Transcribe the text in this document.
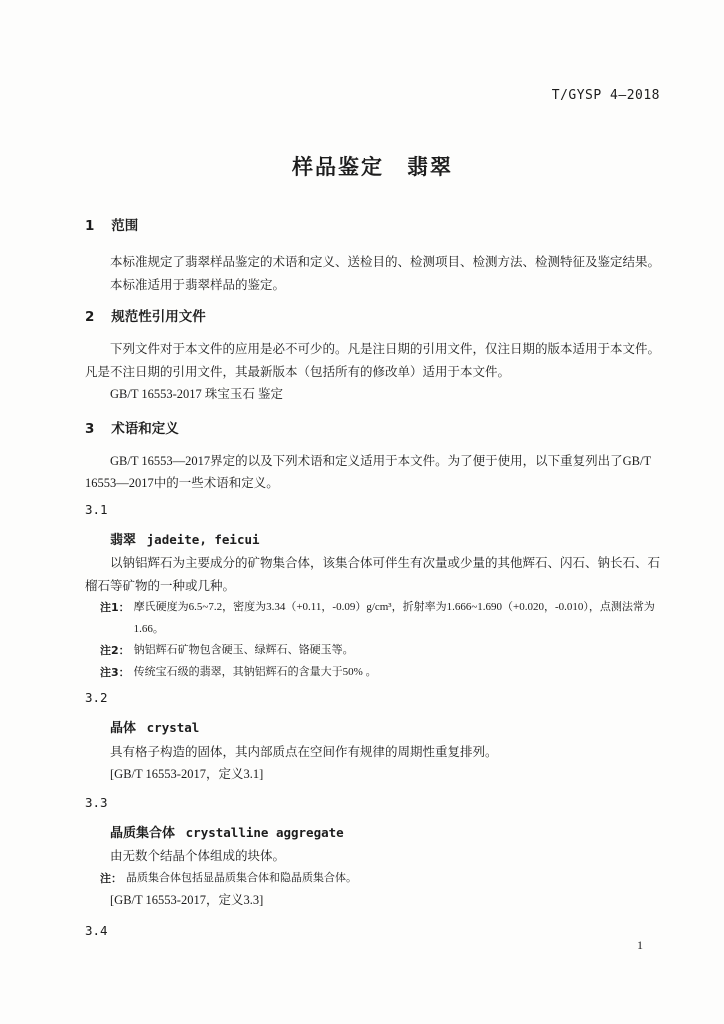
T/GYSP 4—2018
样品鉴定　翡翠
1 范围

本标准规定了翡翠样品鉴定的术语和定义、送检目的、检测项目、检测方法、检测特征及鉴定结果。

本标准适用于翡翠样品的鉴定。

2 规范性引用文件

下列文件对于本文件的应用是必不可少的。凡是注日期的引用文件，仅注日期的版本适用于本文件。凡是不注日期的引用文件，其最新版本（包括所有的修改单）适用于本文件。

GB/T 16553-2017 珠宝玉石 鉴定

3 术语和定义

GB/T 16553—2017界定的以及下列术语和定义适用于本文件。为了便于使用，以下重复列出了GB/T 16553—2017中的一些术语和定义。

3.1
翡翠 jadeite, feicui

以钠铝辉石为主要成分的矿物集合体，该集合体可伴生有次量或少量的其他辉石、闪石、钠长石、石榴石等矿物的一种或几种。

注1： 摩氏硬度为6.5~7.2，密度为3.34（+0.11，-0.09）g/cm³，折射率为1.666~1.690（+0.020，-0.010），点测法常为1.66。
注2： 钠铝辉石矿物包含硬玉、绿辉石、铬硬玉等。
注3： 传统宝石级的翡翠，其钠铝辉石的含量大于50% 。
3.2
晶体 crystal

具有格子构造的固体，其内部质点在空间作有规律的周期性重复排列。

[GB/T 16553-2017，定义3.1]

3.3
晶质集合体 crystalline aggregate

由无数个结晶个体组成的块体。

注： 晶质集合体包括显晶质集合体和隐晶质集合体。

[GB/T 16553-2017，定义3.3]

3.4
1
